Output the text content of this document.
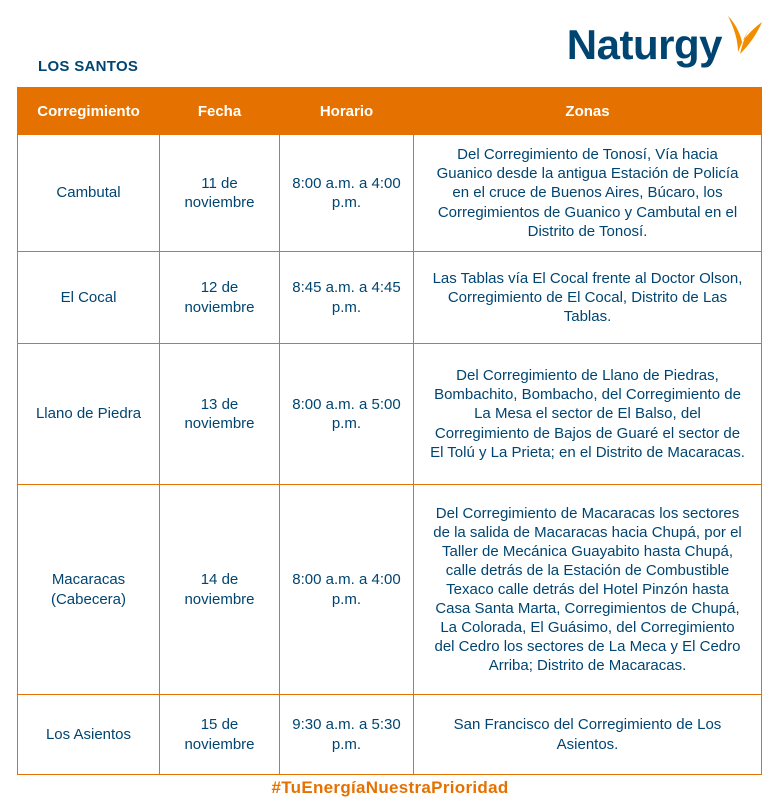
Naturgy
LOS SANTOS
Corregimiento	Fecha	Horario	Zonas
Cambutal	11 de noviembre	8:00 a.m. a 4:00 p.m.	Del Corregimiento de Tonosí, Vía hacia Guanico desde la antigua Estación de Policía en el cruce de Buenos Aires, Búcaro, los Corregimientos de Guanico y Cambutal en el Distrito de Tonosí.
El Cocal	12 de noviembre	8:45 a.m. a 4:45 p.m.	Las Tablas vía El Cocal frente al Doctor Olson, Corregimiento de El Cocal, Distrito de Las Tablas.
Llano de Piedra	13 de noviembre	8:00 a.m. a 5:00 p.m.	Del Corregimiento de Llano de Piedras, Bombachito, Bombacho, del Corregimiento de La Mesa el sector de El Balso, del Corregimiento de Bajos de Guaré el sector de El Tolú y La Prieta; en el Distrito de Macaracas.
Macaracas (Cabecera)	14 de noviembre	8:00 a.m. a 4:00 p.m.	Del Corregimiento de Macaracas los sectores de la salida de Macaracas hacia Chupá, por el Taller de Mecánica Guayabito hasta Chupá, calle detrás de la Estación de Combustible Texaco calle detrás del Hotel Pinzón hasta Casa Santa Marta, Corregimientos de Chupá, La Colorada, El Guásimo, del Corregimiento del Cedro los sectores de La Meca y El Cedro Arriba; Distrito de Macaracas.
Los Asientos	15 de noviembre	9:30 a.m. a 5:30 p.m.	San Francisco del Corregimiento de Los Asientos.
#TuEnergíaNuestraPrioridad
